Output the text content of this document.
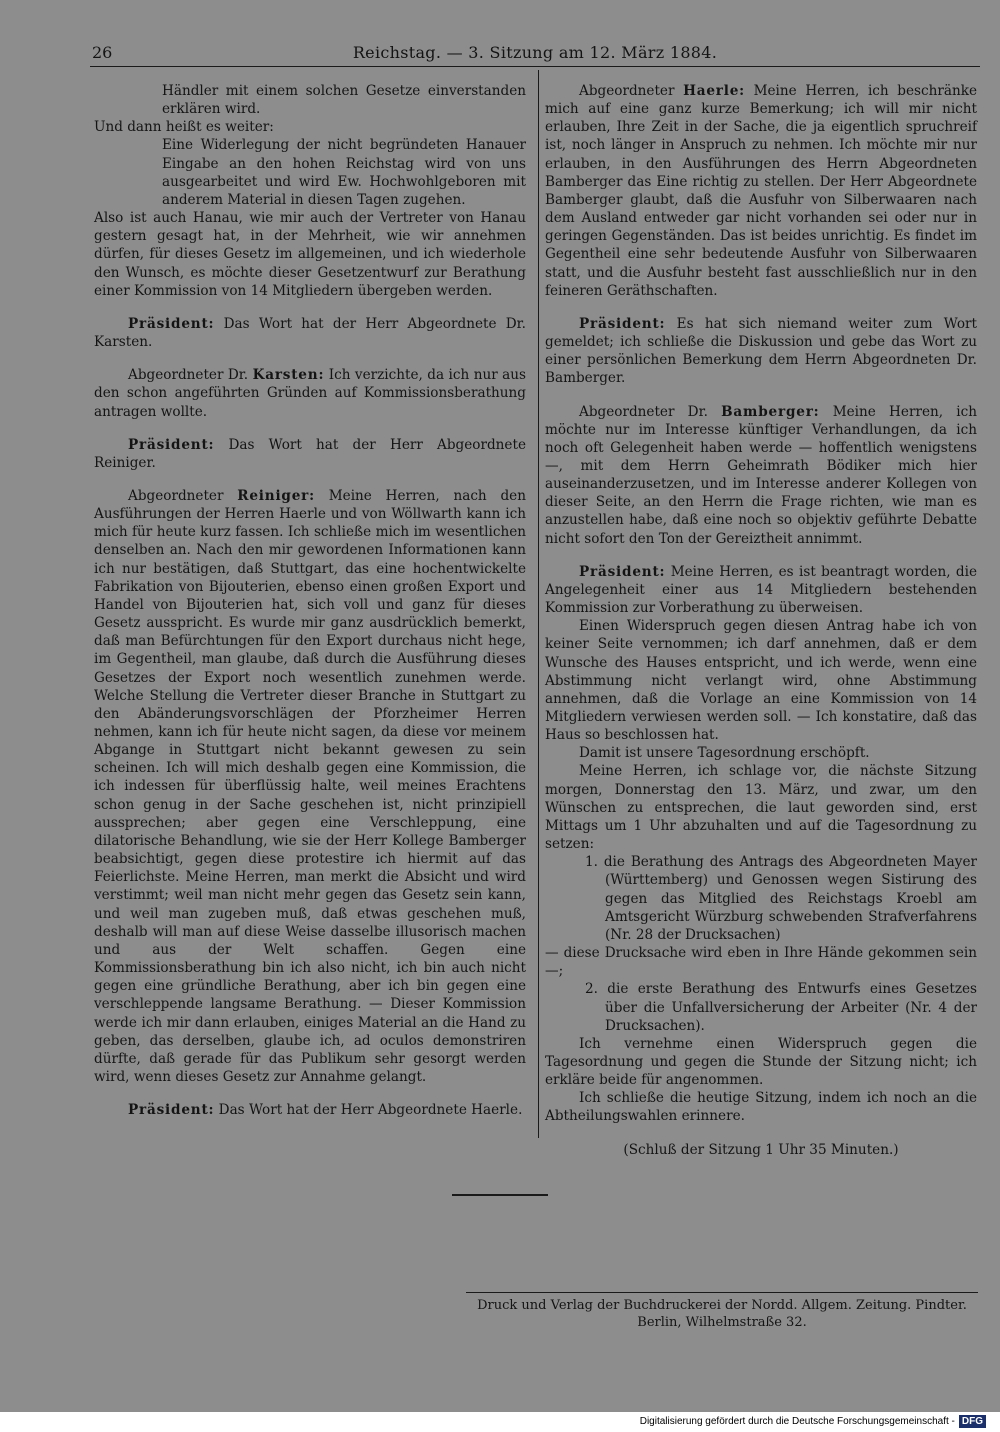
26	Reichstag. — 3. Sitzung am 12. März 1884.

Händler mit einem solchen Gesetze einverstanden erklären wird.

Und dann heißt es weiter:

Eine Widerlegung der nicht begründeten Hanauer Eingabe an den hohen Reichstag wird von uns ausgearbeitet und wird Ew. Hochwohlgeboren mit anderem Material in diesen Tagen zugehen.

Also ist auch Hanau, wie mir auch der Vertreter von Hanau gestern gesagt hat, in der Mehrheit, wie wir annehmen dürfen, für dieses Gesetz im allgemeinen, und ich wiederhole den Wunsch, es möchte dieser Gesetzentwurf zur Berathung einer Kommission von 14 Mitgliedern übergeben werden.

Präsident: Das Wort hat der Herr Abgeordnete Dr. Karsten.

Abgeordneter Dr. Karsten: Ich verzichte, da ich nur aus den schon angeführten Gründen auf Kommissionsberathung antragen wollte.

Präsident: Das Wort hat der Herr Abgeordnete Reiniger.

Abgeordneter Reiniger: Meine Herren, nach den Ausführungen der Herren Haerle und von Wöllwarth kann ich mich für heute kurz fassen. Ich schließe mich im wesentlichen denselben an. Nach den mir gewordenen Informationen kann ich nur bestätigen, daß Stuttgart, das eine hochentwickelte Fabrikation von Bijouterien, ebenso einen großen Export und Handel von Bijouterien hat, sich voll und ganz für dieses Gesetz ausspricht. Es wurde mir ganz ausdrücklich bemerkt, daß man Befürchtungen für den Export durchaus nicht hege, im Gegentheil, man glaube, daß durch die Ausführung dieses Gesetzes der Export noch wesentlich zunehmen werde. Welche Stellung die Vertreter dieser Branche in Stuttgart zu den Abänderungsvorschlägen der Pforzheimer Herren nehmen, kann ich für heute nicht sagen, da diese vor meinem Abgange in Stuttgart nicht bekannt gewesen zu sein scheinen. Ich will mich deshalb gegen eine Kommission, die ich indessen für überflüssig halte, weil meines Erachtens schon genug in der Sache geschehen ist, nicht prinzipiell aussprechen; aber gegen eine Verschleppung, eine dilatorische Behandlung, wie sie der Herr Kollege Bamberger beabsichtigt, gegen diese protestire ich hiermit auf das Feierlichste. Meine Herren, man merkt die Absicht und wird verstimmt; weil man nicht mehr gegen das Gesetz sein kann, und weil man zugeben muß, daß etwas geschehen muß, deshalb will man auf diese Weise dasselbe illusorisch machen und aus der Welt schaffen. Gegen eine Kommissionsberathung bin ich also nicht, ich bin auch nicht gegen eine gründliche Berathung, aber ich bin gegen eine verschleppende langsame Berathung. — Dieser Kommission werde ich mir dann erlauben, einiges Material an die Hand zu geben, das derselben, glaube ich, ad oculos demonstriren dürfte, daß gerade für das Publikum sehr gesorgt werden wird, wenn dieses Gesetz zur Annahme gelangt.

Präsident: Das Wort hat der Herr Abgeordnete Haerle.

Abgeordneter Haerle: Meine Herren, ich beschränke mich auf eine ganz kurze Bemerkung; ich will mir nicht erlauben, Ihre Zeit in der Sache, die ja eigentlich spruchreif ist, noch länger in Anspruch zu nehmen. Ich möchte mir nur erlauben, in den Ausführungen des Herrn Abgeordneten Bamberger das Eine richtig zu stellen. Der Herr Abgeordnete Bamberger glaubt, daß die Ausfuhr von Silberwaaren nach dem Ausland entweder gar nicht vorhanden sei oder nur in geringen Gegenständen. Das ist beides unrichtig. Es findet im Gegentheil eine sehr bedeutende Ausfuhr von Silberwaaren statt, und die Ausfuhr besteht fast ausschließlich nur in den feineren Geräthschaften.

Präsident: Es hat sich niemand weiter zum Wort gemeldet; ich schließe die Diskussion und gebe das Wort zu einer persönlichen Bemerkung dem Herrn Abgeordneten Dr. Bamberger.

Abgeordneter Dr. Bamberger: Meine Herren, ich möchte nur im Interesse künftiger Verhandlungen, da ich noch oft Gelegenheit haben werde — hoffentlich wenigstens —, mit dem Herrn Geheimrath Bödiker mich hier auseinanderzusetzen, und im Interesse anderer Kollegen von dieser Seite, an den Herrn die Frage richten, wie man es anzustellen habe, daß eine noch so objektiv geführte Debatte nicht sofort den Ton der Gereiztheit annimmt.

Präsident: Meine Herren, es ist beantragt worden, die Angelegenheit einer aus 14 Mitgliedern bestehenden Kommission zur Vorberathung zu überweisen.

Einen Widerspruch gegen diesen Antrag habe ich von keiner Seite vernommen; ich darf annehmen, daß er dem Wunsche des Hauses entspricht, und ich werde, wenn eine Abstimmung nicht verlangt wird, ohne Abstimmung annehmen, daß die Vorlage an eine Kommission von 14 Mitgliedern verwiesen werden soll. — Ich konstatire, daß das Haus so beschlossen hat.

Damit ist unsere Tagesordnung erschöpft.

Meine Herren, ich schlage vor, die nächste Sitzung morgen, Donnerstag den 13. März, und zwar, um den Wünschen zu entsprechen, die laut geworden sind, erst Mittags um 1 Uhr abzuhalten und auf die Tagesordnung zu setzen:

1. die Berathung des Antrags des Abgeordneten Mayer (Württemberg) und Genossen wegen Sistirung des gegen das Mitglied des Reichstags Kroebl am Amtsgericht Würzburg schwebenden Strafverfahrens (Nr. 28 der Drucksachen)

— diese Drucksache wird eben in Ihre Hände gekommen sein —;

2. die erste Berathung des Entwurfs eines Gesetzes über die Unfallversicherung der Arbeiter (Nr. 4 der Drucksachen).

Ich vernehme einen Widerspruch gegen die Tagesordnung und gegen die Stunde der Sitzung nicht; ich erkläre beide für angenommen.

Ich schließe die heutige Sitzung, indem ich noch an die Abtheilungswahlen erinnere.

(Schluß der Sitzung 1 Uhr 35 Minuten.)

Druck und Verlag der Buchdruckerei der Nordd. Allgem. Zeitung. Pindter.
Berlin, Wilhelmstraße 32.
Digitalisierung gefördert durch die Deutsche Forschungsgemeinschaft - DFG
